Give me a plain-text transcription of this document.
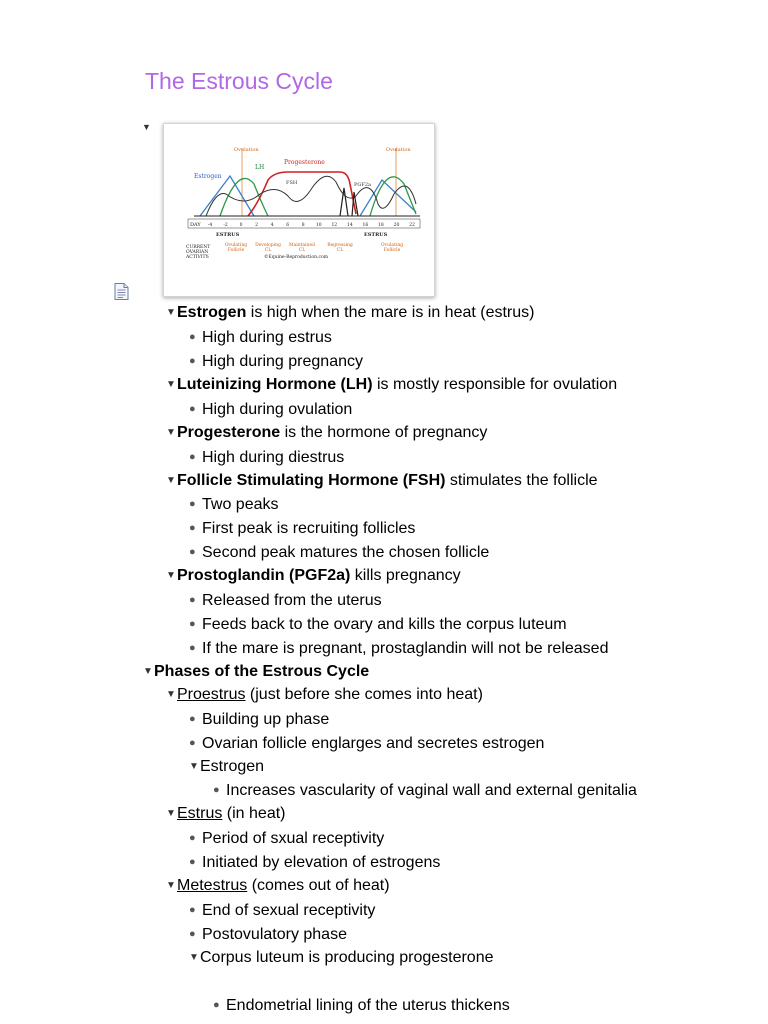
The Estrous Cycle
▼
Ovulation	Ovulation
Progesterone
LH
Estrogen
FSH	PGF2a
DAY -4 -2	0	2	4	6	8 10 12 14 16 18 20 22
ESTRUS	ESTRUS
CURRENT
OVARIAN
ACTIVITY:
Ovulating
Follicle
Developing
CL
Maintained
CL
Regressing
CL
Ovulating
Follicle
©Equine-Reproduction.com
▼Estrogen is high when the mare is in heat (estrus)
● High during estrus
● High during pregnancy
▼Luteinizing Hormone (LH) is mostly responsible for ovulation
● High during ovulation
▼Progesterone is the hormone of pregnancy
● High during diestrus
▼Follicle Stimulating Hormone (FSH) stimulates the follicle
● Two peaks
● First peak is recruiting follicles
● Second peak matures the chosen follicle
▼Prostoglandin (PGF2a) kills pregnancy
● Released from the uterus
● Feeds back to the ovary and kills the corpus luteum
● If the mare is pregnant, prostaglandin will not be released
▼Phases of the Estrous Cycle
▼Proestrus (just before she comes into heat)
● Building up phase
● Ovarian follicle englarges and secretes estrogen
▼Estrogen
● Increases vascularity of vaginal wall and external genitalia
▼Estrus (in heat)
● Period of sxual receptivity
● Initiated by elevation of estrogens
▼Metestrus (comes out of heat)
● End of sexual receptivity
● Postovulatory phase
▼Corpus luteum is producing progesterone
● Endometrial lining of the uterus thickens
